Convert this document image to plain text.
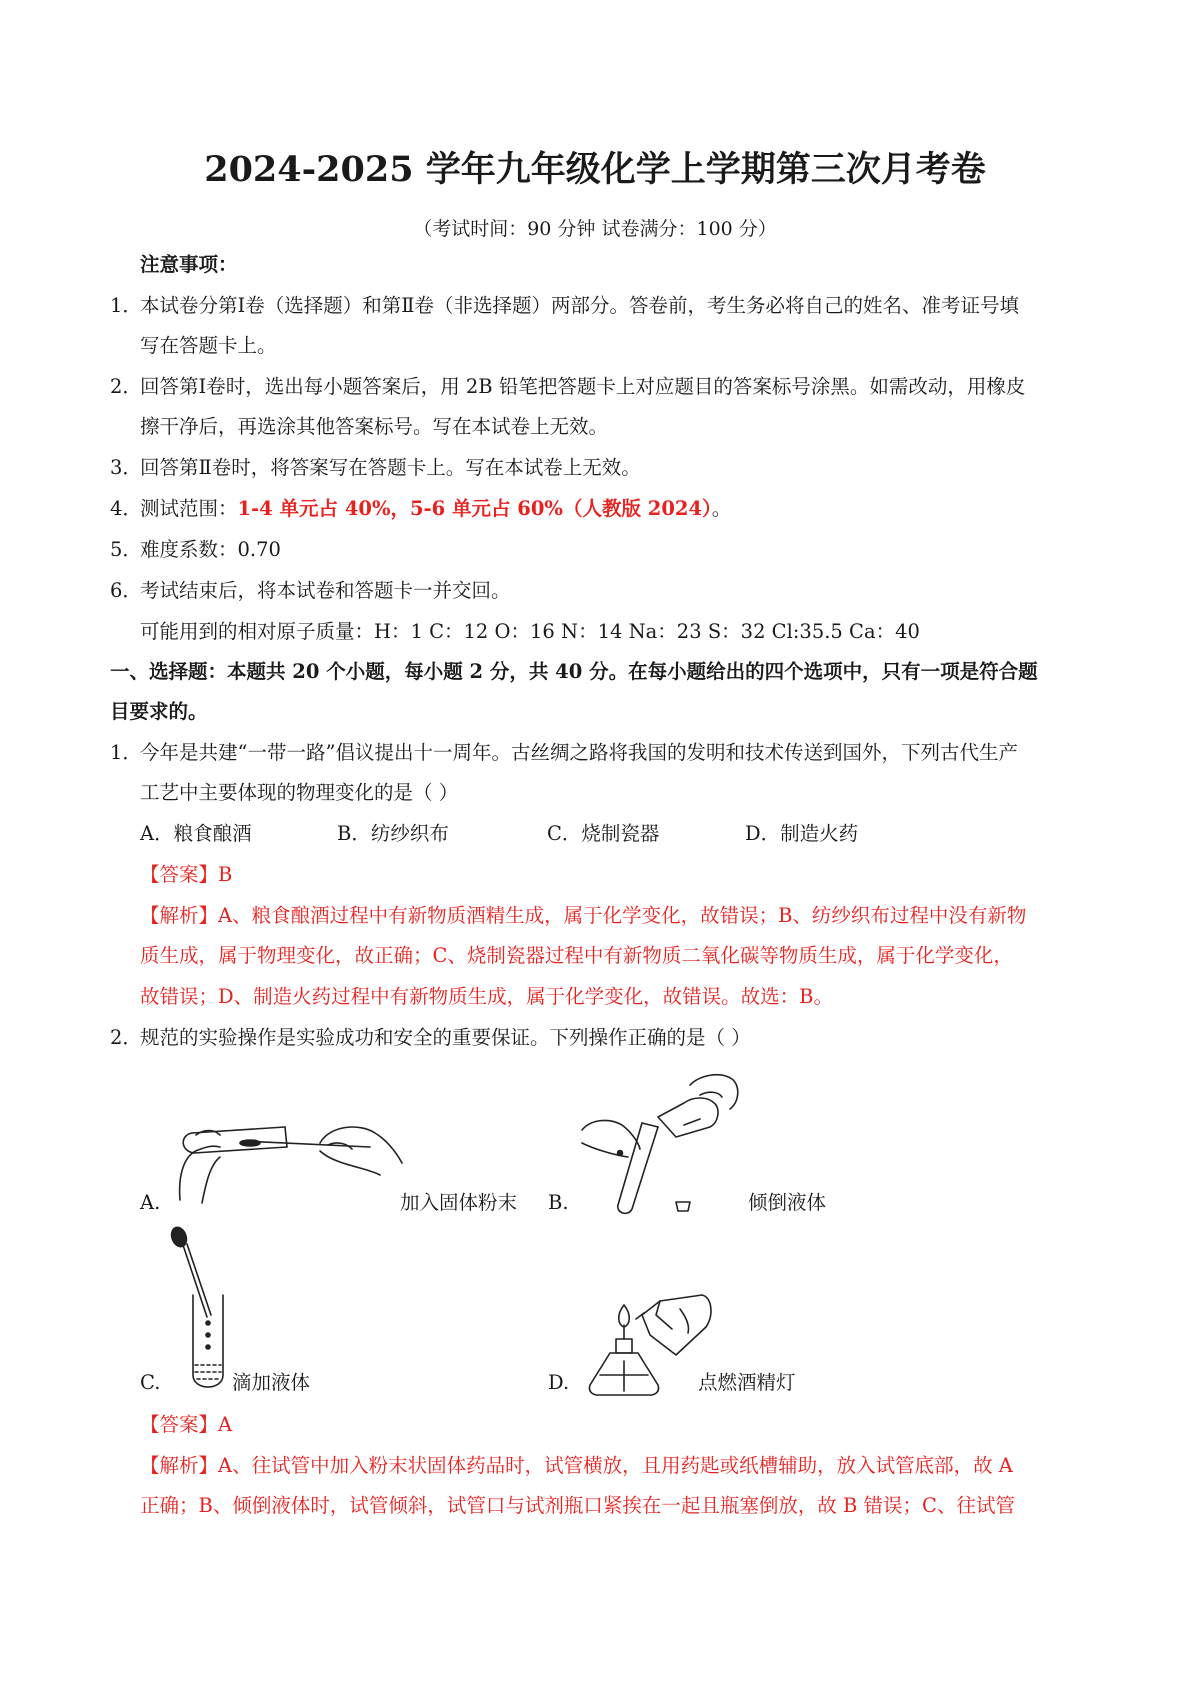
2024-2025 学年九年级化学上学期第三次月考卷
（考试时间：90 分钟 试卷满分：100 分）
注意事项：
1．
本试卷分第Ⅰ卷（选择题）和第Ⅱ卷（非选择题）两部分。答卷前，考生务必将自己的姓名、准考证号填
写在答题卡上。
2．
回答第Ⅰ卷时，选出每小题答案后，用 2B 铅笔把答题卡上对应题目的答案标号涂黑。如需改动，用橡皮
擦干净后，再选涂其他答案标号。写在本试卷上无效。
3．
回答第Ⅱ卷时，将答案写在答题卡上。写在本试卷上无效。
4．
测试范围：1-4 单元占 40%，5-6 单元占 60%（人教版 2024）。
5．
难度系数：0.70
6．
考试结束后，将本试卷和答题卡一并交回。
可能用到的相对原子质量：H：1 C：12 O：16 N：14 Na：23 S：32 Cl:35.5 Ca：40
一、选择题：本题共 20 个小题，每小题 2 分，共 40 分。在每小题给出的四个选项中，只有一项是符合题
目要求的。
1．
今年是共建“一带一路”倡议提出十一周年。古丝绸之路将我国的发明和技术传送到国外，下列古代生产
工艺中主要体现的物理变化的是（ ）
A．粮食酿酒	B．纺纱织布	C．烧制瓷器	D．制造火药
【答案】B
【解析】A、粮食酿酒过程中有新物质酒精生成，属于化学变化，故错误；B、纺纱织布过程中没有新物
质生成，属于物理变化，故正确；C、烧制瓷器过程中有新物质二氧化碳等物质生成，属于化学变化，
故错误；D、制造火药过程中有新物质生成，属于化学变化，故错误。故选：B。
2．
规范的实验操作是实验成功和安全的重要保证。下列操作正确的是（ ）
A.	加入固体粉末 B.	倾倒液体
C.	滴加液体	D.	点燃酒精灯
【答案】A
【解析】A、往试管中加入粉末状固体药品时，试管横放，且用药匙或纸槽辅助，放入试管底部，故 A
正确；B、倾倒液体时，试管倾斜，试管口与试剂瓶口紧挨在一起且瓶塞倒放，故 B 错误；C、往试管
